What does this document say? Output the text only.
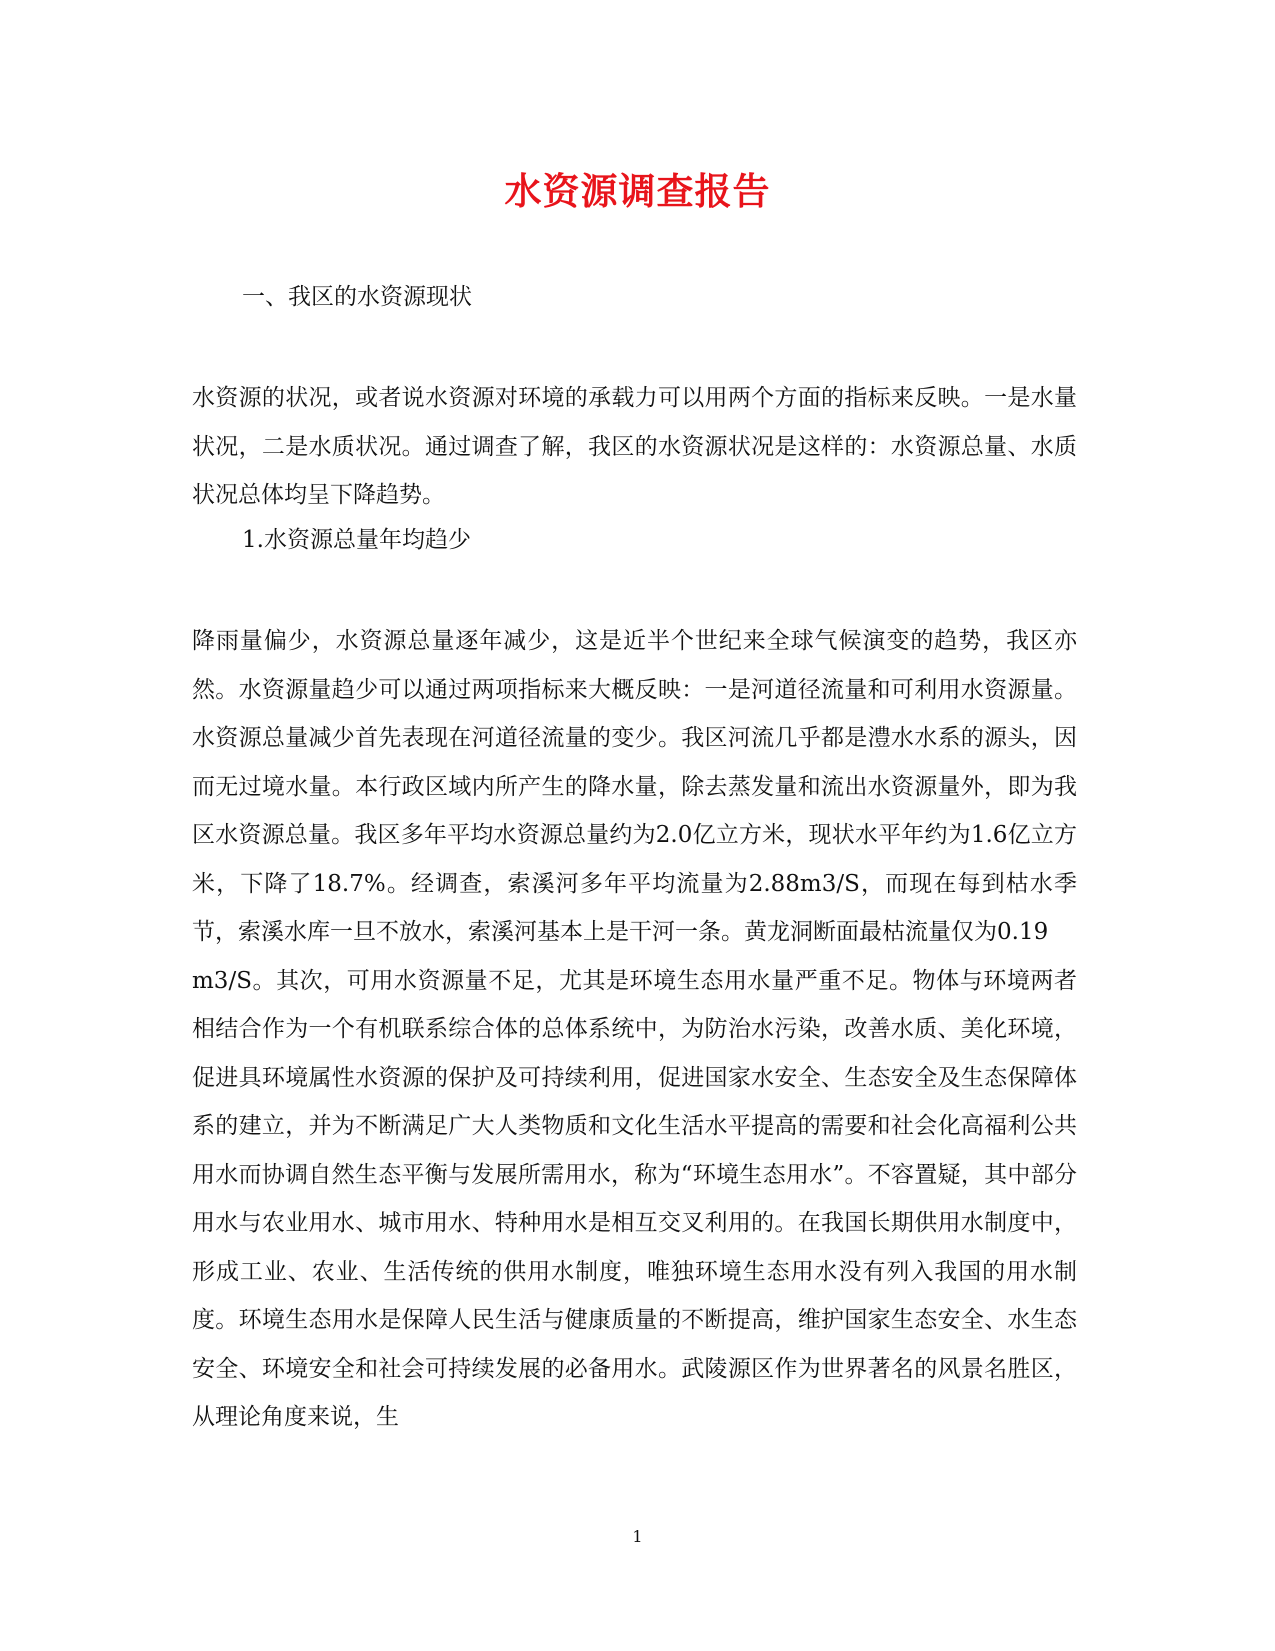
水资源调查报告
一、我区的水资源现状

水资源的状况，或者说水资源对环境的承载力可以用两个方面的指标来反映。一是水量状况，二是水质状况。通过调查了解，我区的水资源状况是这样的：水资源总量、水质状况总体均呈下降趋势。

1.水资源总量年均趋少
降雨量偏少，水资源总量逐年减少，这是近半个世纪来全球气候演变的趋势，我区亦然。水资源量趋少可以通过两项指标来大概反映：一是河道径流量和可利用水资源量。水资源总量减少首先表现在河道径流量的变少。我区河流几乎都是澧水水系的源头，因而无过境水量。本行政区域内所产生的降水量，除去蒸发量和流出水资源量外，即为我区水资源总量。我区多年平均水资源总量约为2.0亿立方米，现状水平年约为1.6亿立方米，下降了18.7%。经调查，索溪河多年平均流量为2.88m3/S，而现在每到枯水季节，索溪水库一旦不放水，索溪河基本上是干河一条。黄龙洞断面最枯流量仅为0.19
m3/S。其次，可用水资源量不足，尤其是环境生态用水量严重不足。物体与环境两者相结合作为一个有机联系综合体的总体系统中，为防治水污染，改善水质、美化环境，促进具环境属性水资源的保护及可持续利用，促进国家水安全、生态安全及生态保障体系的建立，并为不断满足广大人类物质和文化生活水平提高的需要和社会化高福利公共用水而协调自然生态平衡与发展所需用水，称为“环境生态用水”。不容置疑，其中部分用水与农业用水、城市用水、特种用水是相互交叉利用的。在我国长期供用水制度中，形成工业、农业、生活传统的供用水制度，唯独环境生态用水没有列入我国的用水制度。环境生态用水是保障人民生活与健康质量的不断提高，维护国家生态安全、水生态安全、环境安全和社会可持续发展的必备用水。武陵源区作为世界著名的风景名胜区，从理论角度来说，生
1
